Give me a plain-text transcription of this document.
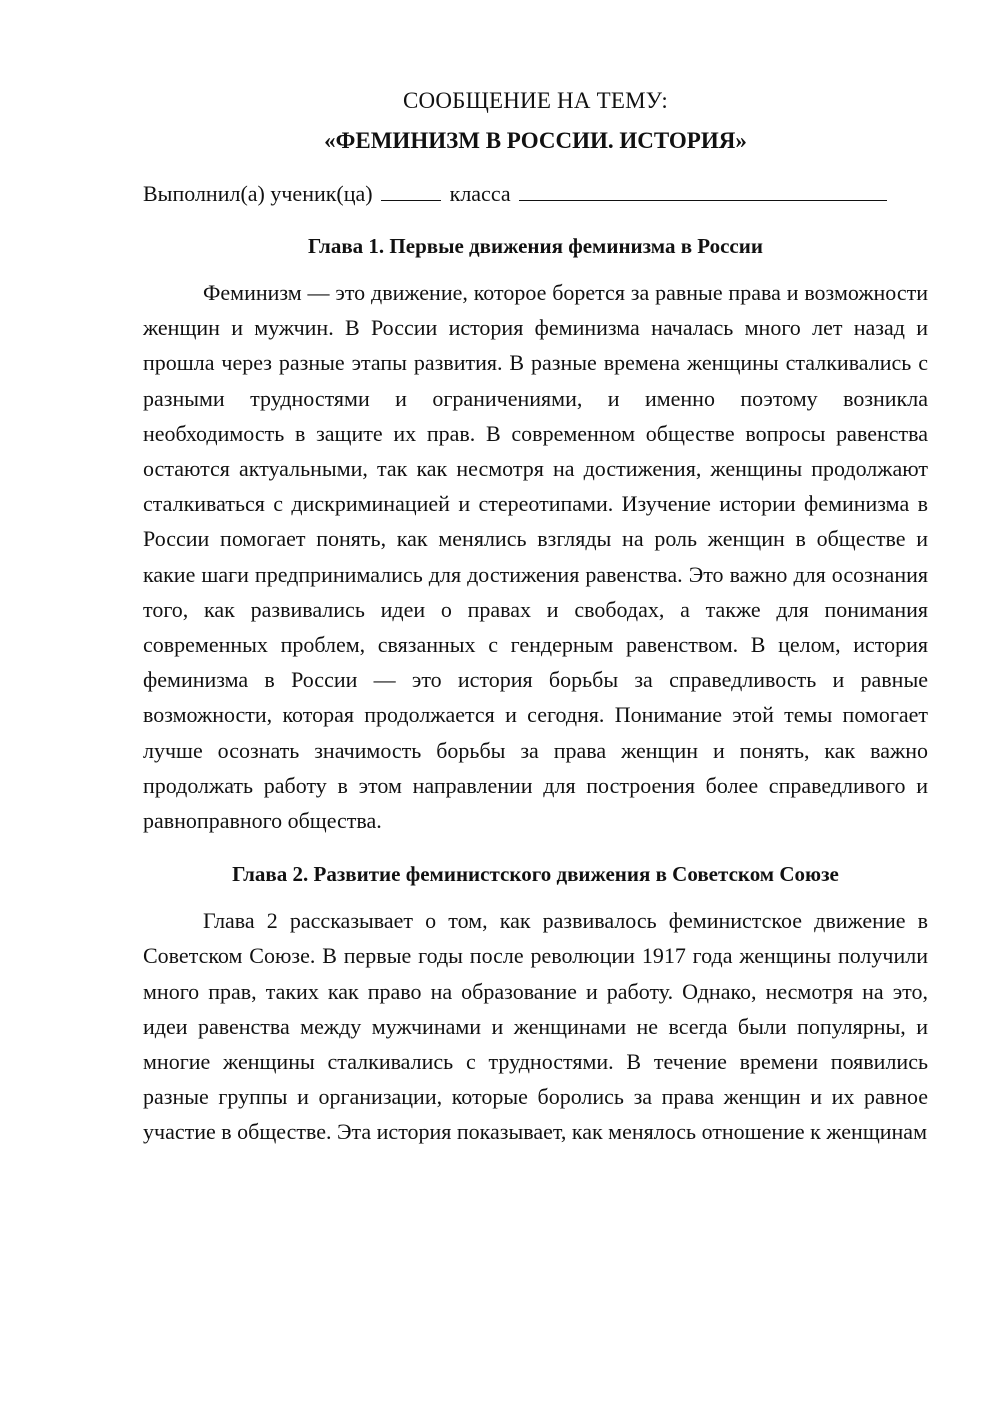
СООБЩЕНИЕ НА ТЕМУ:
«ФЕМИНИЗМ В РОССИИ. ИСТОРИЯ»
Выполнил(а) ученик(ца)	класса
Глава 1. Первые движения феминизма в России

Феминизм — это движение, которое борется за равные права и возможности женщин и мужчин. В России история феминизма началась много лет назад и прошла через разные этапы развития. В разные времена женщины сталкивались с разными трудностями и ограничениями, и именно поэтому возникла необходимость в защите их прав. В современном обществе вопросы равенства остаются актуальными, так как несмотря на достижения, женщины продолжают сталкиваться с дискриминацией и стереотипами. Изучение истории феминизма в России помогает понять, как менялись взгляды на роль женщин в обществе и какие шаги предпринимались для достижения равенства. Это важно для осознания того, как развивались идеи о правах и свободах, а также для понимания современных проблем, связанных с гендерным равенством. В целом, история феминизма в России — это история борьбы за справедливость и равные возможности, которая продолжается и сегодня. Понимание этой темы помогает лучше осознать значимость борьбы за права женщин и понять, как важно продолжать работу в этом направлении для построения более справедливого и равноправного общества.

Глава 2. Развитие феминистского движения в Советском Союзе

Глава 2 рассказывает о том, как развивалось феминистское движение в Советском Союзе. В первые годы после революции 1917 года женщины получили много прав, таких как право на образование и работу. Однако, несмотря на это, идеи равенства между мужчинами и женщинами не всегда были популярны, и многие женщины сталкивались с трудностями. В течение времени появились разные группы и организации, которые боролись за права женщин и их равное участие в обществе. Эта история показывает, как менялось отношение к женщинам
